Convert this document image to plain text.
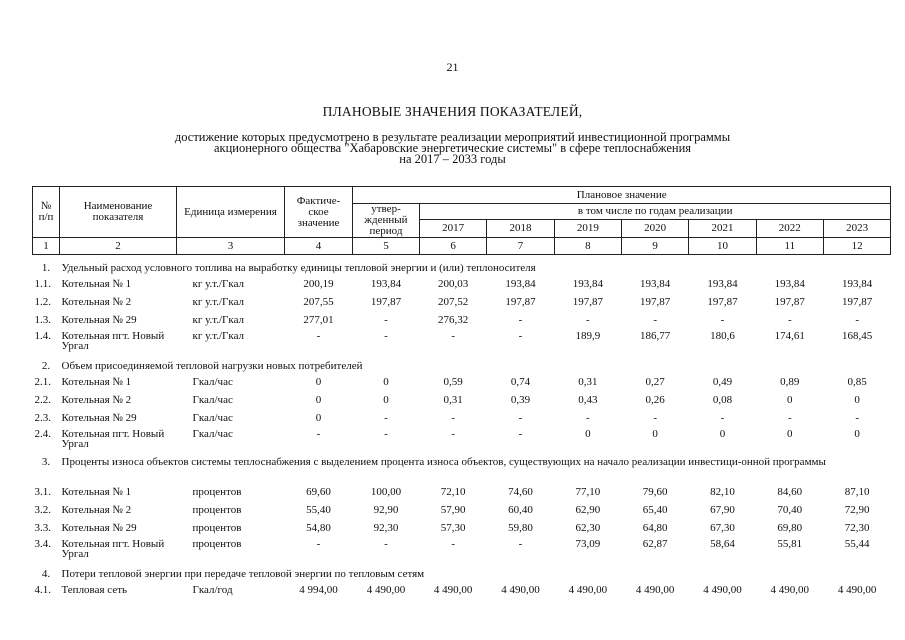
21
ПЛАНОВЫЕ ЗНАЧЕНИЯ ПОКАЗАТЕЛЕЙ,
достижение которых предусмотрено в результате реализации мероприятий инвестиционной программы
акционерного общества "Хабаровские энергетические системы" в сфере теплоснабжения
на 2017 – 2033 годы
№ п/п	Наименование показателя	Единица измерения	Фактиче-ское значение	Плановое значение							
				утвер-жденный период	в том числе по годам реализации						
					2017	2018	2019	2020	2021	2022	2023
1	2	3	4	5	6	7	8	9	10	11	12
1.	Удельный расход условного топлива на выработку единицы тепловой энергии и (или) теплоносителя										
1.1.	Котельная № 1	кг у.т./Гкал	200,19	193,84	200,03	193,84	193,84	193,84	193,84	193,84	193,84
1.2.	Котельная № 2	кг у.т./Гкал	207,55	197,87	207,52	197,87	197,87	197,87	197,87	197,87	197,87
1.3.	Котельная № 29	кг у.т./Гкал	277,01	-	276,32	-	-	-	-	-	-
1.4.	Котельная пгт. Новый Ургал	кг у.т./Гкал	-	-	-	-	189,9	186,77	180,6	174,61	168,45
2.	Объем присоединяемой тепловой нагрузки новых потребителей										
2.1.	Котельная № 1	Гкал/час	0	0	0,59	0,74	0,31	0,27	0,49	0,89	0,85
2.2.	Котельная № 2	Гкал/час	0	0	0,31	0,39	0,43	0,26	0,08	0	0
2.3.	Котельная № 29	Гкал/час	0	-	-	-	-	-	-	-	-
2.4.	Котельная пгт. Новый Ургал	Гкал/час	-	-	-	-	0	0	0	0	0
3.	Проценты износа объектов системы теплоснабжения с выделением процента износа объектов, существующих на начало реализации инвестици-онной программы										
3.1.	Котельная № 1	процентов	69,60	100,00	72,10	74,60	77,10	79,60	82,10	84,60	87,10
3.2.	Котельная № 2	процентов	55,40	92,90	57,90	60,40	62,90	65,40	67,90	70,40	72,90
3.3.	Котельная № 29	процентов	54,80	92,30	57,30	59,80	62,30	64,80	67,30	69,80	72,30
3.4.	Котельная пгт. Новый Ургал	процентов	-	-	-	-	73,09	62,87	58,64	55,81	55,44
4.	Потери тепловой энергии при передаче тепловой энергии по тепловым сетям										
4.1.	Тепловая сеть	Гкал/год	4 994,00	4 490,00	4 490,00	4 490,00	4 490,00	4 490,00	4 490,00	4 490,00	4 490,00
